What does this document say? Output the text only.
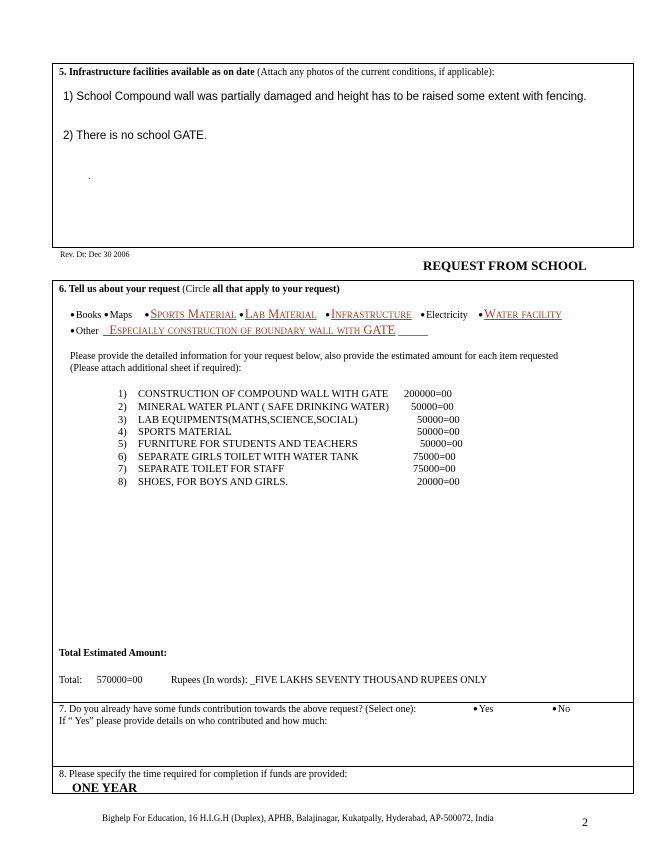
5. Infrastructure facilities available as on date (Attach any photos of the current conditions, if applicable):
1) School Compound wall was partially damaged and height has to be raised some extent with fencing.
2) There is no school GATE.
.
Rev. Dt: Dec 30 2006
REQUEST FROM SCHOOL
6. Tell us about your request (Circle all that apply to your request)
● Books ● Maps ● Sports Material ● Lab Material ● Infrastructure ● Electricity ● Water facility
● Other _Especially construction of boundary wall with GATE ______
Please provide the detailed information for your request below, also provide the estimated amount for each item requested
(Please attach additional sheet if required):
1) CONSTRUCTION OF COMPOUND WALL WITH GATE 200000=00
2) MINERAL WATER PLANT ( SAFE DRINKING WATER) 50000=00
3) LAB EQUIPMENTS(MATHS,SCIENCE,SOCIAL)	50000=00
4) SPORTS MATERIAL	50000=00
5) FURNITURE FOR STUDENTS AND TEACHERS	50000=00
6) SEPARATE GIRLS TOILET WITH WATER TANK	75000=00
7) SEPARATE TOILET FOR STAFF	75000=00
8) SHOES, FOR BOYS AND GIRLS.	20000=00
Total Estimated Amount:
Total: 570000=00	Rupees (In words): _FIVE LAKHS SEVENTY THOUSAND RUPEES ONLY
7. Do you already have some funds contribution towards the above request? (Select one):	● Yes	● No
If “ Yes” please provide details on who contributed and how much:
8. Please specify the time required for completion if funds are provided:
ONE YEAR
Bighelp For Education, 16 H.I.G.H (Duplex), APHB, Balajinagar, Kukatpally, Hyderabad, AP-500072, India	2
